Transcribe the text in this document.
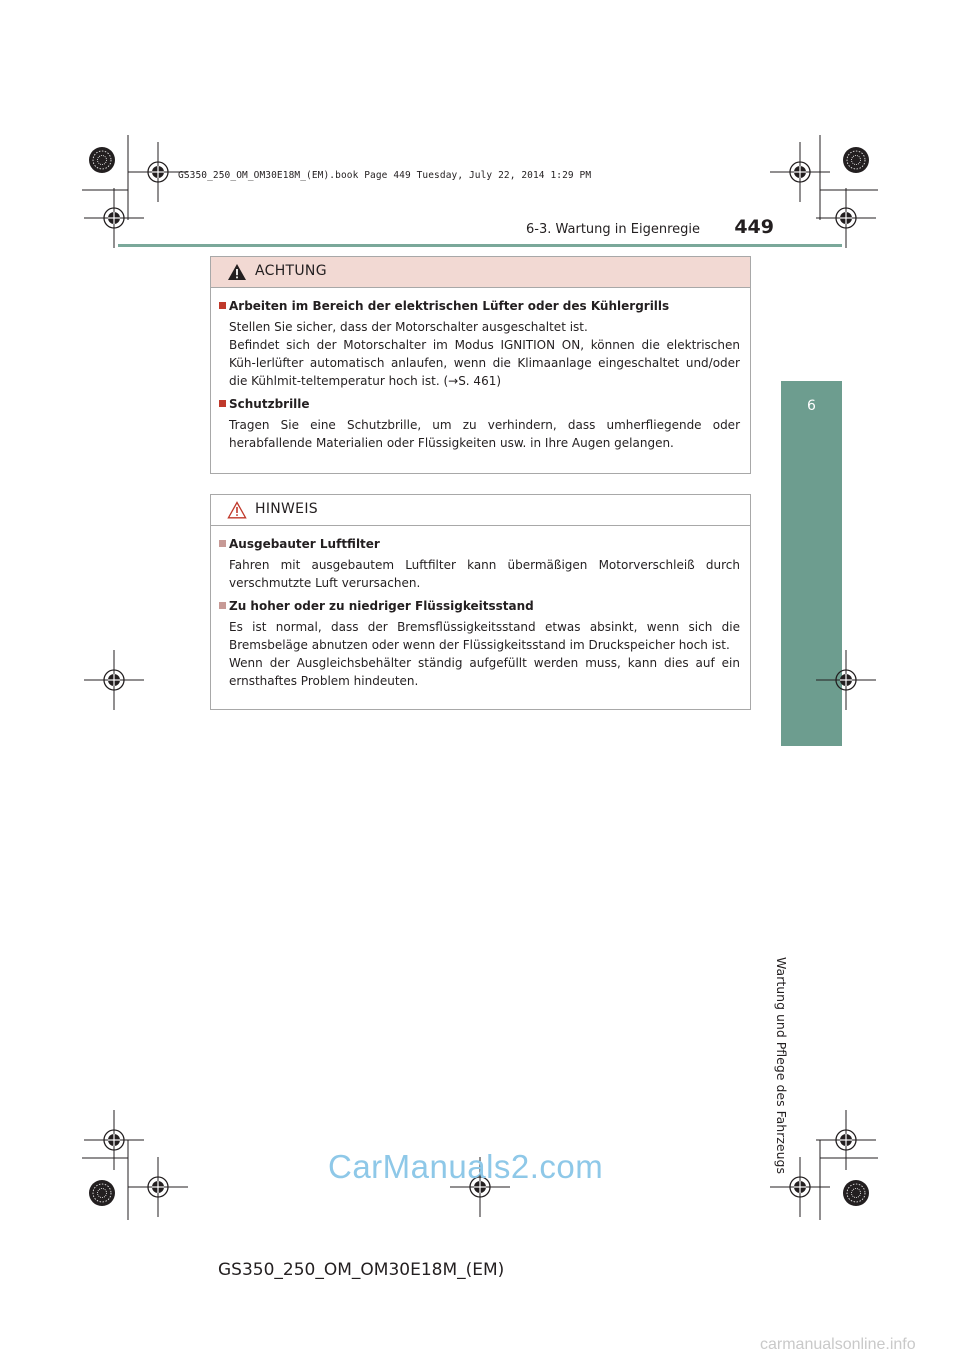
GS350_250_OM_OM30E18M_(EM).book Page 449 Tuesday, July 22, 2014 1:29 PM
6-3. Wartung in Eigenregie	449
6
Wartung und Pflege des Fahrzeugs
ACHTUNG
Arbeiten im Bereich der elektrischen Lüfter oder des Kühlergrills

Stellen Sie sicher, dass der Motorschalter ausgeschaltet ist.

Befindet sich der Motorschalter im Modus IGNITION ON, können die elektrischen Küh-lerlüfter automatisch anlaufen, wenn die Klimaanlage eingeschaltet und/oder die Kühlmit-teltemperatur hoch ist. (→S. 461)

Schutzbrille

Tragen Sie eine Schutzbrille, um zu verhindern, dass umherfliegende oder herabfallende Materialien oder Flüssigkeiten usw. in Ihre Augen gelangen.

HINWEIS
Ausgebauter Luftfilter

Fahren mit ausgebautem Luftfilter kann übermäßigen Motorverschleiß durch verschmutzte Luft verursachen.

Zu hoher oder zu niedriger Flüssigkeitsstand

Es ist normal, dass der Bremsflüssigkeitsstand etwas absinkt, wenn sich die Bremsbeläge abnutzen oder wenn der Flüssigkeitsstand im Druckspeicher hoch ist.

Wenn der Ausgleichsbehälter ständig aufgefüllt werden muss, kann dies auf ein ernsthaftes Problem hindeuten.

CarManuals2.com
GS350_250_OM_OM30E18M_(EM)
carmanualsonline.info
